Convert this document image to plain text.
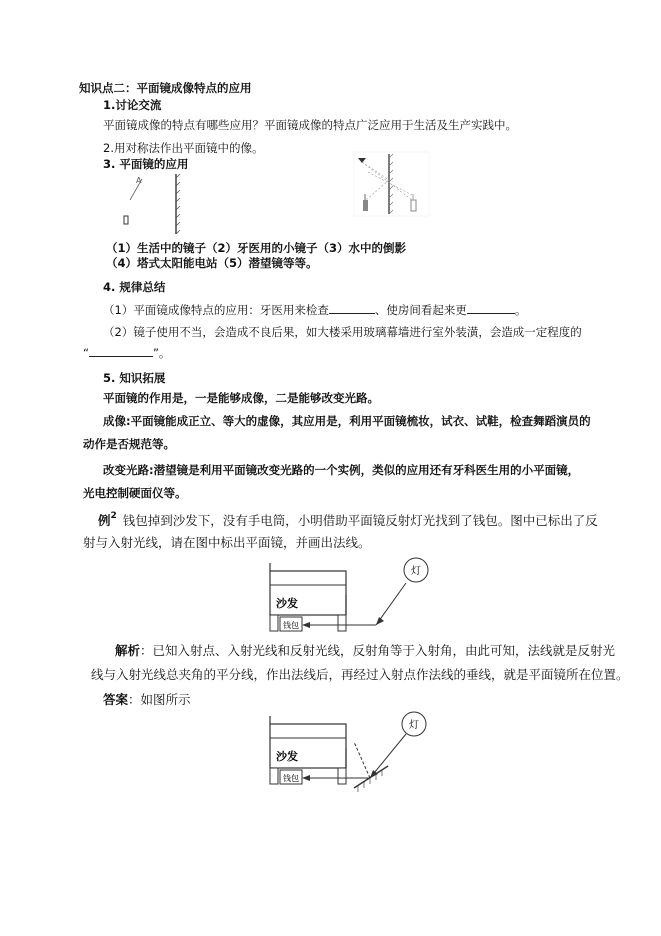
知识点二：平面镜成像特点的应用
1.讨论交流
平面镜成像的特点有哪些应用？平面镜成像的特点广泛应用于生活及生产实践中。
2.用对称法作出平面镜中的像。
3. 平面镜的应用
A
（1）生活中的镜子（2）牙医用的小镜子（3）水中的倒影
（4）塔式太阳能电站（5）潜望镜等等。
4. 规律总结
（1）平面镜成像特点的应用：牙医用来检查	、使房间看起来更	。
（2）镜子使用不当，会造成不良后果，如大楼采用玻璃幕墙进行室外装潢，会造成一定程度的
“	”。
5. 知识拓展
平面镜的作用是，一是能够成像，二是能够改变光路。
成像:平面镜能成正立、等大的虚像，其应用是，利用平面镜梳妆，试衣、试鞋，检查舞蹈演员的
动作是否规范等。
改变光路:潜望镜是利用平面镜改变光路的一个实例，类似的应用还有牙科医生用的小平面镜，
光电控制硬面仪等。
例$^2$ 钱包掉到沙发下，没有手电筒，小明借助平面镜反射灯光找到了钱包。图中已标出了反
射与入射光线，请在图中标出平面镜，并画出法线。
沙发
钱包
灯
解析：已知入射点、入射光线和反射光线，反射角等于入射角，由此可知，法线就是反射光
线与入射光线总夹角的平分线，作出法线后，再经过入射点作法线的垂线，就是平面镜所在位置。
答案：如图所示
沙发
钱包
灯
